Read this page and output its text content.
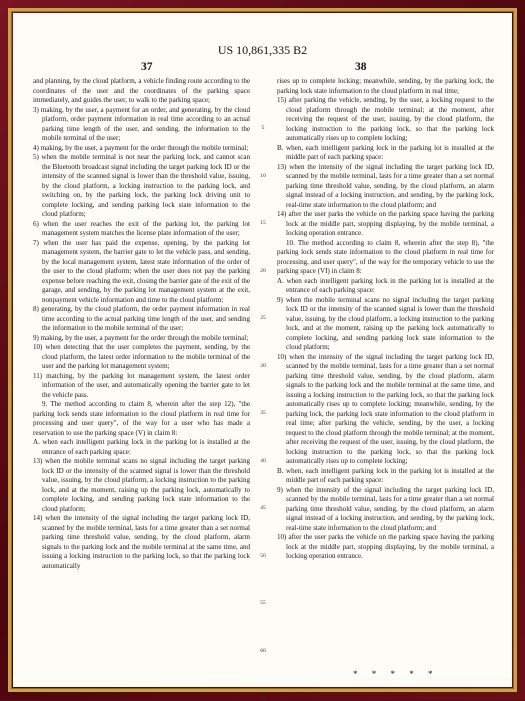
US 10,861,335 B2
37	38

and planning, by the cloud platform, a vehicle finding route according to the coordinates of the user and the coordinates of the parking space immediately, and guides the user, to walk to the parking space;

3) making, by the user, a payment for an order, and generating, by the cloud platform, order payment information in real time according to an actual parking time length of the user, and sending, the information to the mobile terminal of the user;

4) making, by the user, a payment for the order through the mobile terminal;

5) when the mobile terminal is not near the parking lock, and cannot scan the Bluetooth broadcast signal including the target parking lock ID or the intensity of the scanned signal is lower than the threshold value, issuing, by the cloud platform, a locking instruction to the parking lock, and switching on, by the parking lock, the parking lock driving unit to complete locking, and sending parking lock state information to the cloud platform;

6) when the user reaches the exit of the parking lot, the parking lot management system matches the license plate information of the user;

7) when the user has paid the expense, opening, by the parking lot management system, the barrier gate to let the vehicle pass, and sending, by the local management system, latest state information of the order of the user to the cloud platform; when the user does not pay the parking expense before reaching the exit, closing the barrier gate of the exit of the garage, and sending, by the parking lot management system at the exit, nonpayment vehicle information and time to the cloud platform;

8) generating, by the cloud platform, the order payment information in real time according to the actual parking time length of the user, and sending the information to the mobile terminal of the user;

9) making, by the user, a payment for the order through the mobile terminal;

10) when detecting that the user completes the payment, sending, by the cloud platform, the latest order information to the mobile terminal of the user and the parking lot management system;

11) matching, by the parking lot management system, the latest order information of the user, and automatically opening the barrier gate to let the vehicle pass.

9. The method according to claim 8, wherein after the step 12), "the parking lock sends state information to the cloud platform in real time for processing and user query", of the way for a user who has made a reservation to use the parking space (V) in claim 8:

A. when each intelligent parking lock in the parking lot is installed at the entrance of each parking space:

13) when the mobile terminal scans no signal including the target parking lock ID or the intensity of the scanned signal is lower than the threshold value, issuing, by the cloud platform, a locking instruction to the parking lock, and at the moment, raising up the parking lock, automatically to complete locking, and sending parking lock state information to the cloud platform;

14) when the intensity of the signal including the target parking lock ID, scanned by the mobile terminal, lasts for a time greater than a set normal parking time threshold value, sending, by the cloud platform, alarm signals to the parking lock and the mobile terminal at the same time, and issuing a locking instruction to the parking lock, so that the parking lock automatically

5
10
15
20
25
30
35
40
45
50
55
60
65

rises up to complete locking; meanwhile, sending, by the parking lock, the parking lock state information to the cloud platform in real time;

15) after parking the vehicle, sending, by the user, a locking request to the cloud platform through the mobile terminal; at the moment, after receiving the request of the user, issuing, by the cloud platform, the locking instruction to the parking lock, so that the parking lock automatically rises up to complete locking;

B. when, each intelligent parking lock in the parking lot is installed at the middle part of each parking space:

13) when the intensity of the signal including the target parking lock ID, scanned by the mobile terminal, lasts for a time greater than a set normal parking time threshold value, sending, by the cloud platform, an alarm signal instead of a locking instruction, and sending, by the parking lock, real-time state information to the cloud platform; and

14) after the user parks the vehicle on the parking space having the parking lock at the middle part, stopping displaying, by the mobile terminal, a locking operation entrance.

10. The method according to claim 8, wherein after the step 8), "the parking lock sends state information to the cloud platform in real time for processing, and user query", of the way for the temporary vehicle to use the parking space (VI) in claim 8:

A. when each intelligent parking lock in the parking lot is installed at the entrance of each parking space:

9) when the mobile terminal scans no signal including the target parking lock ID or the intensity of the scanned signal is lower than the threshold value, issuing, by the cloud platform, a locking instruction to the parking lock, and at the moment, raising up the parking lock automatically to complete locking, and sending parking lock state information to the cloud platform;

10) when the intensity of the signal including the target parking lock ID, scanned by the mobile terminal, lasts for a time greater than a set normal parking time threshold value, sending, by the cloud platform, alarm signals to the parking lock and the mobile terminal at the same time, and issuing a locking instruction to the parking lock, so that the parking lock automatically rises up to complete locking; meanwhile, sending, by the parking lock, the parking lock state information to the cloud platform in real time; after parking the vehicle, sending, by the user, a locking request to the cloud platform through the mobile terminal; at the moment, after receiving the request of the user, issuing, by the cloud platform, the locking instruction to the parking lock, so that the parking lock automatically rises up to complete locking;

B. when, each intelligent parking lock in the parking lot is installed at the middle part of each parking space:

9) when the intensity of the signal including the target parking lock ID, scanned by the mobile terminal, lasts for a time greater than a set normal parking time threshold value, sending, by the cloud platform, an alarm signal instead of a locking instruction, and sending, by the parking lock, real-time state information to the cloud platform; and

10) after the user parks the vehicle on the parking space having the parking lock at the middle part, stopping displaying, by the mobile terminal, a locking operation entrance.

* * * * *
